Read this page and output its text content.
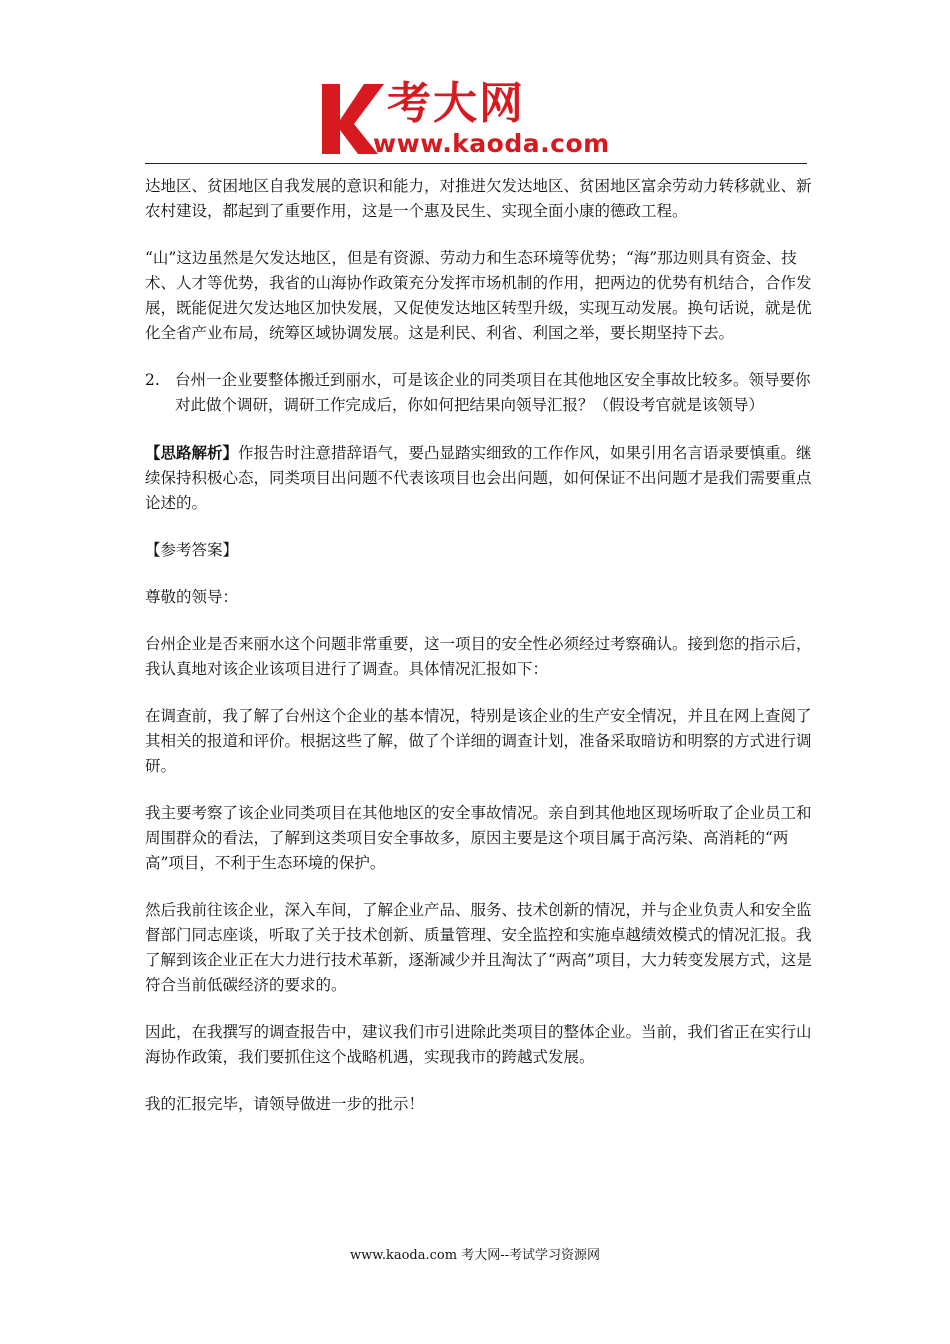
考大网
www.kaoda.com

达地区、贫困地区自我发展的意识和能力，对推进欠发达地区、贫困地区富余劳动力转移就业、新农村建设，都起到了重要作用，这是一个惠及民生、实现全面小康的德政工程。

“山”这边虽然是欠发达地区，但是有资源、劳动力和生态环境等优势；“海”那边则具有资金、技术、人才等优势，我省的山海协作政策充分发挥市场机制的作用，把两边的优势有机结合，合作发展，既能促进欠发达地区加快发展，又促使发达地区转型升级，实现互动发展。换句话说，就是优化全省产业布局，统筹区域协调发展。这是利民、利省、利国之举，要长期坚持下去。

2. 台州一企业要整体搬迁到丽水，可是该企业的同类项目在其他地区安全事故比较多。领导要你对此做个调研，调研工作完成后，你如何把结果向领导汇报？（假设考官就是该领导）

【思路解析】作报告时注意措辞语气，要凸显踏实细致的工作作风，如果引用名言语录要慎重。继续保持积极心态，同类项目出问题不代表该项目也会出问题，如何保证不出问题才是我们需要重点论述的。

【参考答案】

尊敬的领导：

台州企业是否来丽水这个问题非常重要，这一项目的安全性必须经过考察确认。接到您的指示后，我认真地对该企业该项目进行了调查。具体情况汇报如下：

在调查前，我了解了台州这个企业的基本情况，特别是该企业的生产安全情况，并且在网上查阅了其相关的报道和评价。根据这些了解，做了个详细的调查计划，准备采取暗访和明察的方式进行调研。

我主要考察了该企业同类项目在其他地区的安全事故情况。亲自到其他地区现场听取了企业员工和周围群众的看法，了解到这类项目安全事故多，原因主要是这个项目属于高污染、高消耗的“两高”项目，不利于生态环境的保护。

然后我前往该企业，深入车间，了解企业产品、服务、技术创新的情况，并与企业负责人和安全监督部门同志座谈，听取了关于技术创新、质量管理、安全监控和实施卓越绩效模式的情况汇报。我了解到该企业正在大力进行技术革新，逐渐减少并且淘汰了“两高”项目，大力转变发展方式，这是符合当前低碳经济的要求的。

因此，在我撰写的调查报告中，建议我们市引进除此类项目的整体企业。当前，我们省正在实行山海协作政策，我们要抓住这个战略机遇，实现我市的跨越式发展。

我的汇报完毕，请领导做进一步的批示！

www.kaoda.com 考大网--考试学习资源网
